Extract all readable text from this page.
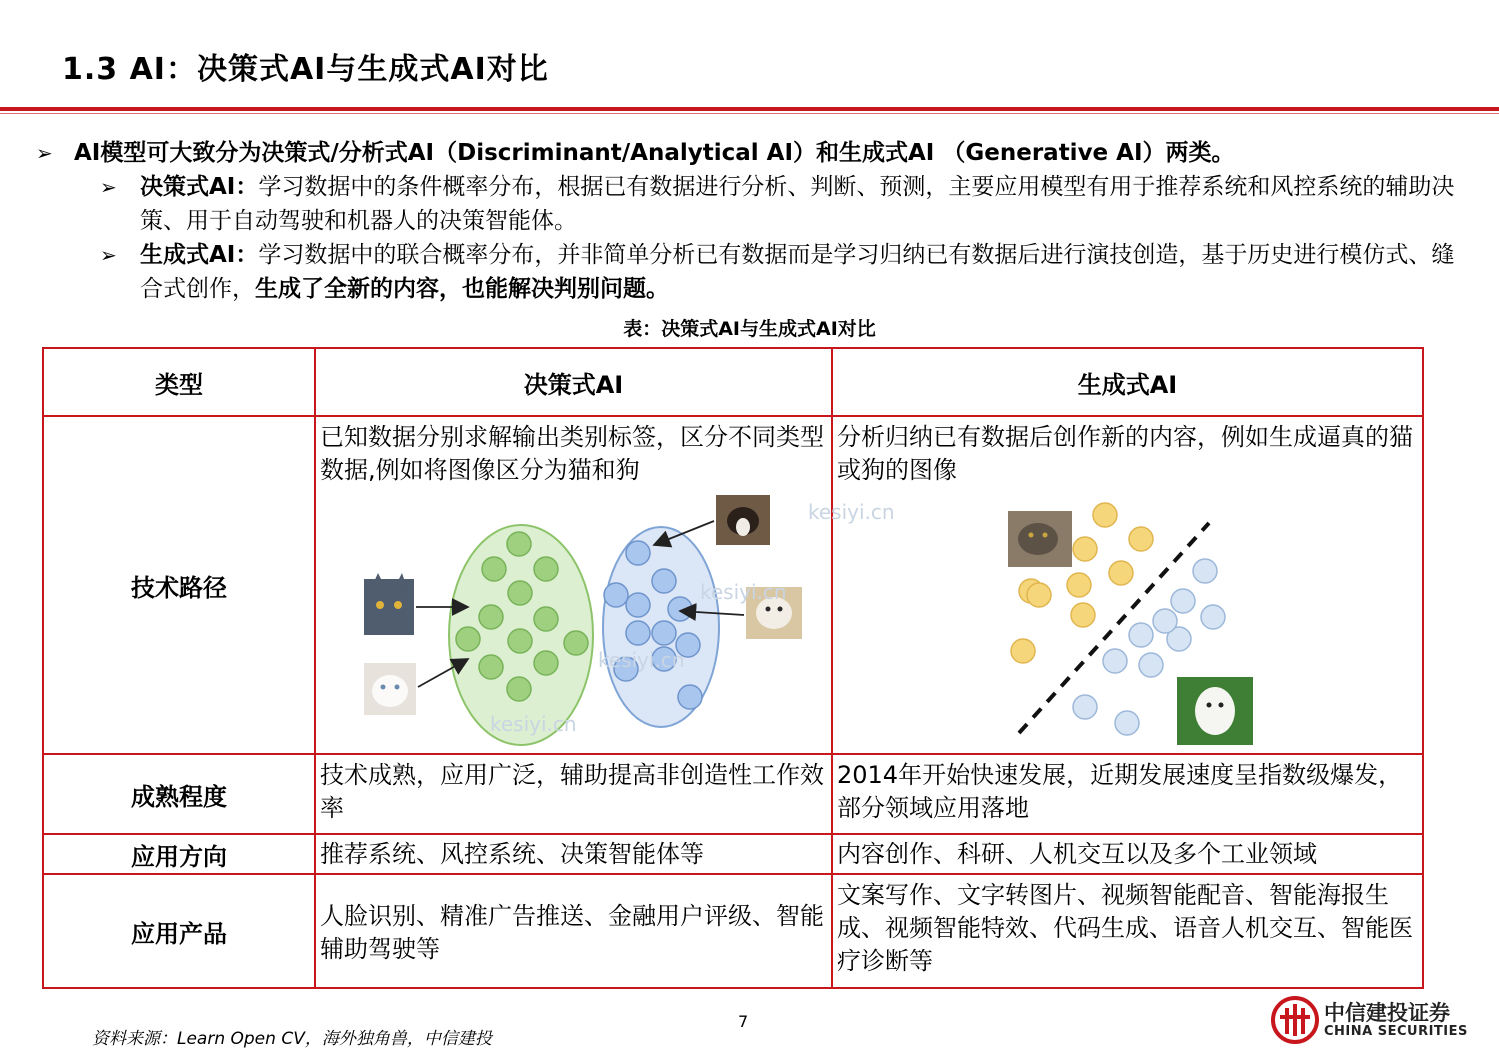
1.3 AI：决策式AI与生成式AI对比
➢ AI模型可大致分为决策式/分析式AI（Discriminant/Analytical AI）和生成式AI （Generative AI）两类。
➢ 决策式AI：学习数据中的条件概率分布，根据已有数据进行分析、判断、预测，主要应用模型有用于推荐系统和风控系统的辅助决策、用于自动驾驶和机器人的决策智能体。
➢ 生成式AI：学习数据中的联合概率分布，并非简单分析已有数据而是学习归纳已有数据后进行演技创造，基于历史进行模仿式、缝合式创作，生成了全新的内容，也能解决判别问题。
表：决策式AI与生成式AI对比
类型	决策式AI	生成式AI
技术路径	已知数据分别求解输出类别标签，区分不同类型数据,例如将图像区分为猫和狗	分析归纳已有数据后创作新的内容，例如生成逼真的猫或狗的图像

成熟程度	技术成熟，应用广泛，辅助提高非创造性工作效率	2014年开始快速发展，近期发展速度呈指数级爆发，部分领域应用落地

应用方向	推荐系统、风控系统、决策智能体等	内容创作、科研、人机交互以及多个工业领域

应用产品	人脸识别、精准广告推送、金融用户评级、智能辅助驾驶等	文案写作、文字转图片、视频智能配音、智能海报生成、视频智能特效、代码生成、语音人机交互、智能医疗诊断等
kesiyi.cn
kesiyi.cn
kesiyi.cn
kesiyi.cn
资料来源：Learn Open CV，海外独角兽，中信建投
7	中信建投证券
CHINA SECURITIES
